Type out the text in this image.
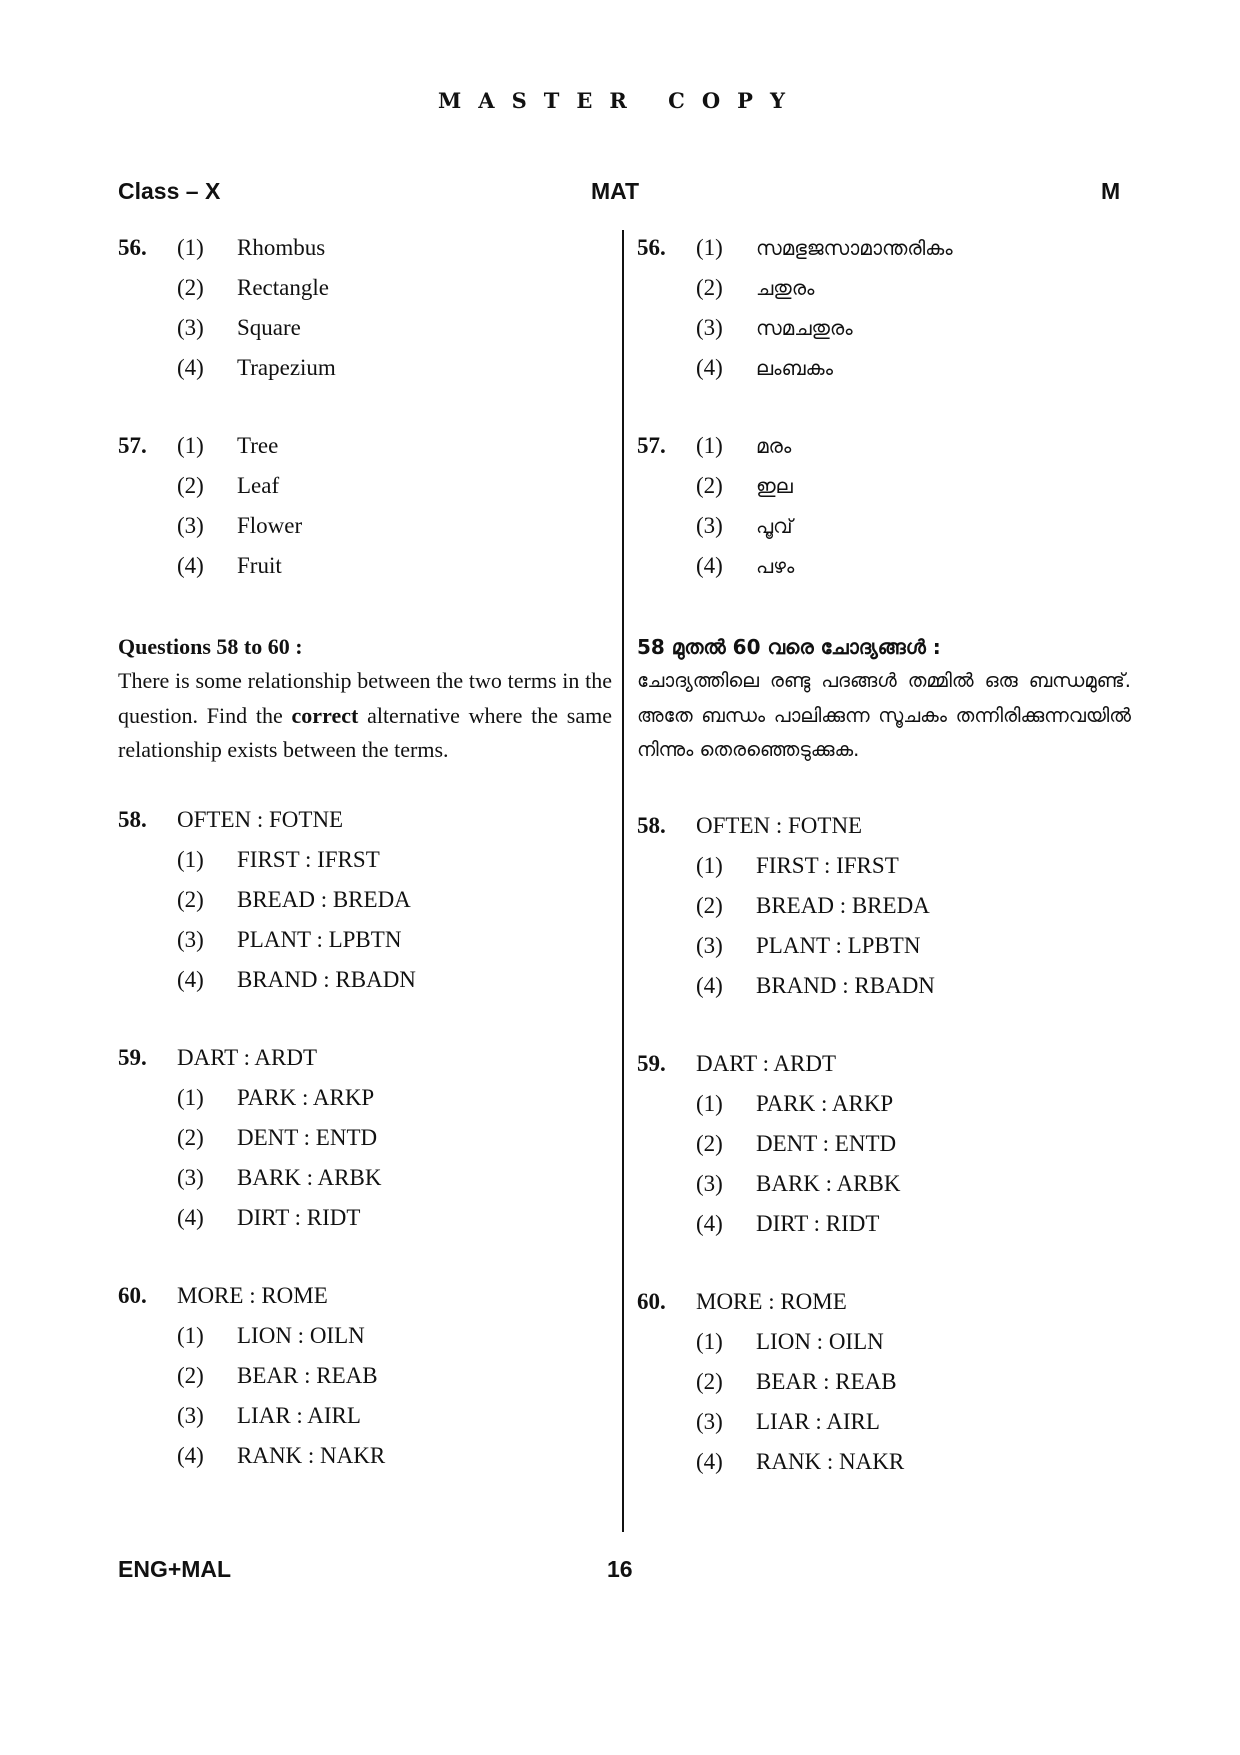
MASTER COPY
Class – X	MAT	M
56.	(1)	Rhombus
(2)	Rectangle
(3)	Square
(4)	Trapezium
57.	(1)	Tree
(2)	Leaf
(3)	Flower
(4)	Fruit
Questions 58 to 60 :
There is some relationship between the two terms in the question. Find the correct alternative where the same relationship exists between the terms.
58.	OFTEN : FOTNE
(1)	FIRST : IFRST
(2)	BREAD : BREDA
(3)	PLANT : LPBTN
(4)	BRAND : RBADN
59.	DART : ARDT
(1)	PARK : ARKP
(2)	DENT : ENTD
(3)	BARK : ARBK
(4)	DIRT : RIDT
60.	MORE : ROME
(1)	LION : OILN
(2)	BEAR : REAB
(3)	LIAR : AIRL
(4)	RANK : NAKR
56.	(1)	സമഭുജസാമാന്തരികം
(2)	ചതുരം
(3)	സമചതുരം
(4)	ലംബകം
57.	(1)	മരം
(2)	ഇല
(3)	പൂവ്
(4)	പഴം
58 മുതൽ 60 വരെ ചോദ്യങ്ങൾ :
ചോദ്യത്തിലെ രണ്ടു പദങ്ങൾ തമ്മിൽ ഒരു ബന്ധമുണ്ട്. അതേ ബന്ധം പാലിക്കുന്ന സൂചകം തന്നിരിക്കുന്നവയിൽ നിന്നും തെരഞ്ഞെടുക്കുക.
58.	OFTEN : FOTNE
(1)	FIRST : IFRST
(2)	BREAD : BREDA
(3)	PLANT : LPBTN
(4)	BRAND : RBADN
59.	DART : ARDT
(1)	PARK : ARKP
(2)	DENT : ENTD
(3)	BARK : ARBK
(4)	DIRT : RIDT
60.	MORE : ROME
(1)	LION : OILN
(2)	BEAR : REAB
(3)	LIAR : AIRL
(4)	RANK : NAKR
ENG+MAL	16
